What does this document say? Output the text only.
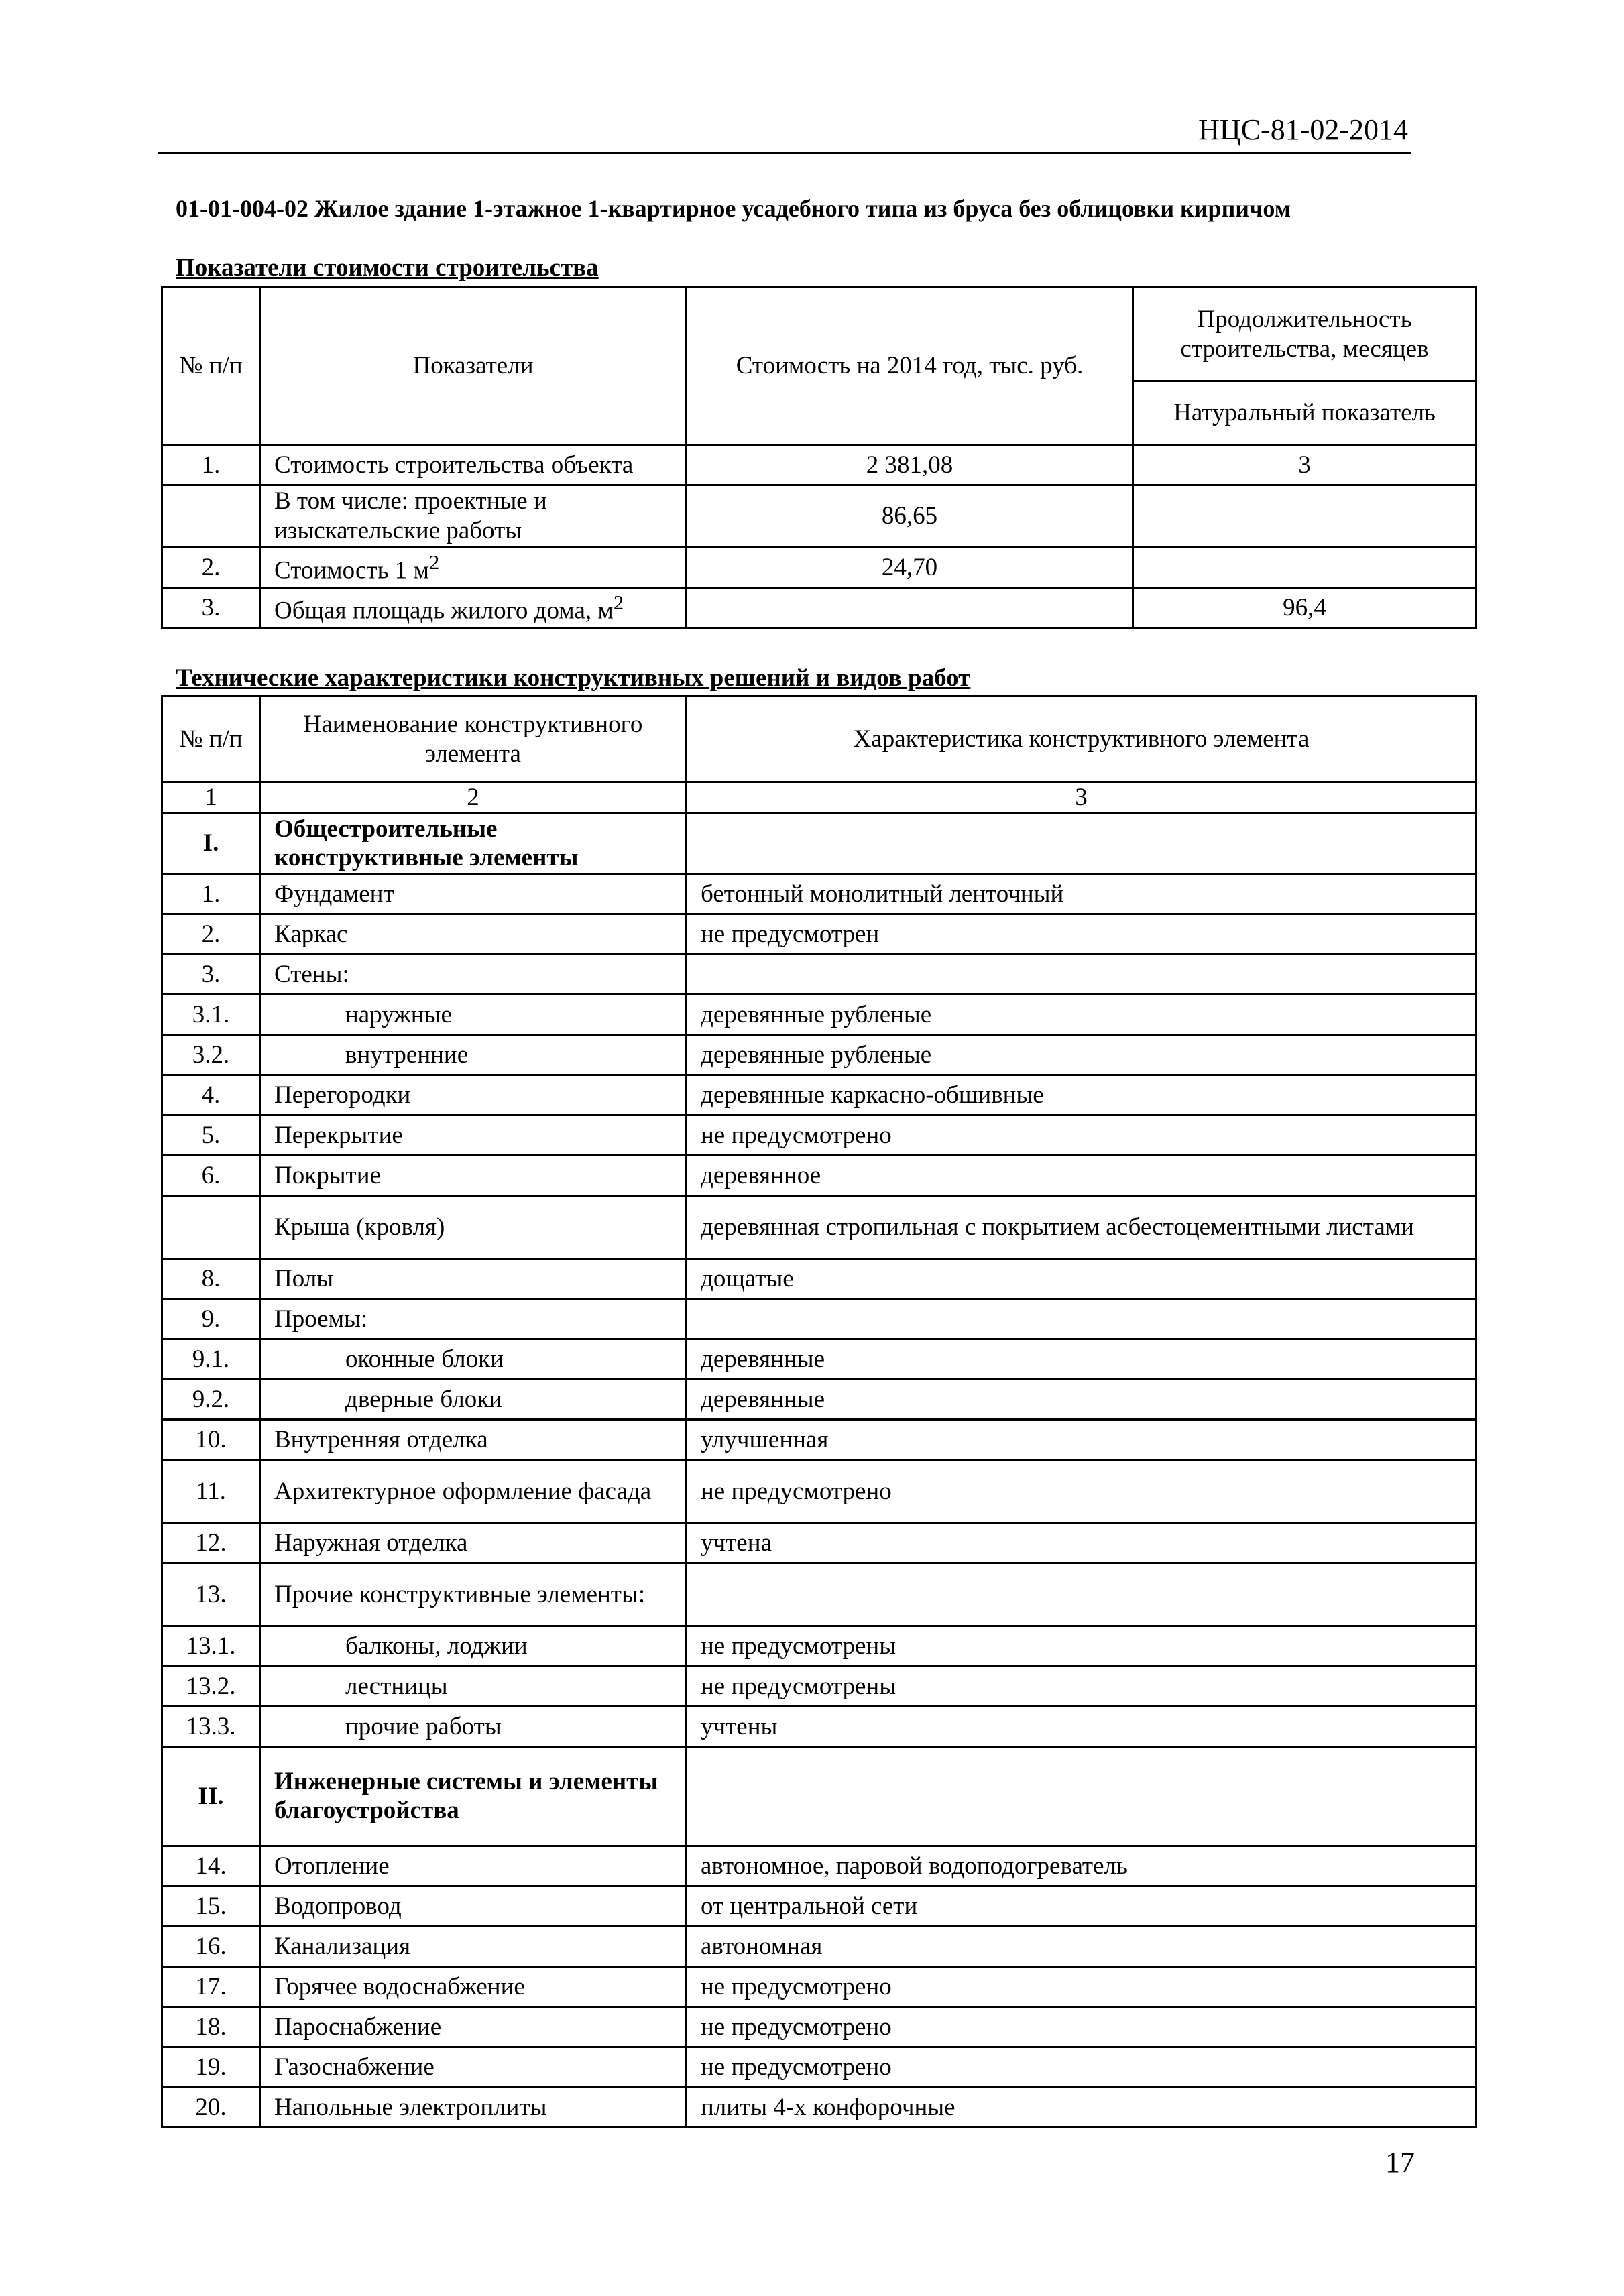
НЦС-81-02-2014
01-01-004-02 Жилое здание 1-этажное 1-квартирное усадебного типа из бруса без облицовки кирпичом
Показатели стоимости строительства
№ п/п	Показатели	Стоимость на 2014 год, тыс. руб.	Продолжительность строительства, месяцев
			Натуральный показатель
1.	Стоимость строительства объекта	2 381,08	3
	В том числе: проектные и изыскательские работы	86,65	
2.	Стоимость 1 $м^2$	24,70	
3.	Общая площадь жилого дома, $м^2$		96,4
Технические характеристики конструктивных решений и видов работ
№ п/п	Наименование конструктивного элемента	Характеристика конструктивного элемента
1	2	3
I.	Общестроительные конструктивные элементы	
1.	Фундамент	бетонный монолитный ленточный
2.	Каркас	не предусмотрен
3.	Стены:	
3.1.	наружные	деревянные рубленые
3.2.	внутренние	деревянные рубленые
4.	Перегородки	деревянные каркасно-обшивные
5.	Перекрытие	не предусмотрено
6.	Покрытие	деревянное
	Крыша (кровля)	деревянная стропильная с покрытием асбестоцементными листами
8.	Полы	дощатые
9.	Проемы:	
9.1.	оконные блоки	деревянные
9.2.	дверные блоки	деревянные
10.	Внутренняя отделка	улучшенная
11.	Архитектурное оформление фасада	не предусмотрено
12.	Наружная отделка	учтена
13.	Прочие конструктивные элементы:	
13.1.	балконы, лоджии	не предусмотрены
13.2.	лестницы	не предусмотрены
13.3.	прочие работы	учтены
II.	Инженерные системы и элементы благоустройства	
14.	Отопление	автономное, паровой водоподогреватель
15.	Водопровод	от центральной сети
16.	Канализация	автономная
17.	Горячее водоснабжение	не предусмотрено
18.	Пароснабжение	не предусмотрено
19.	Газоснабжение	не предусмотрено
20.	Напольные электроплиты	плиты 4-х конфорочные
17
